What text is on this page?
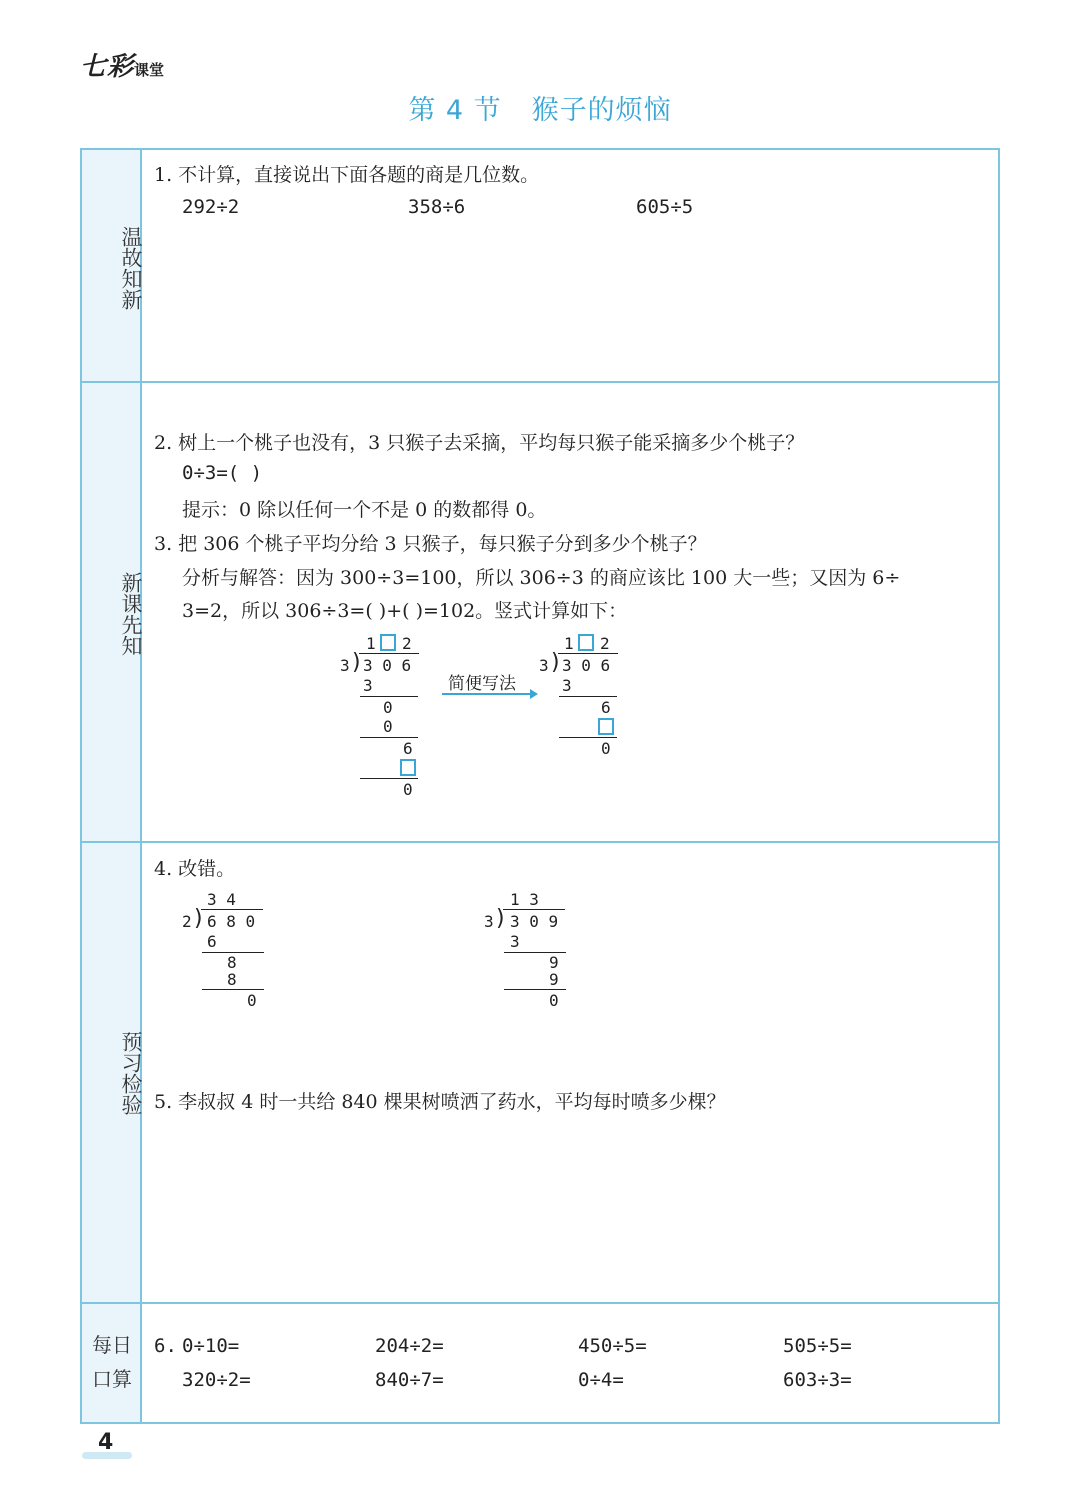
七彩课堂
第 4 节 猴子的烦恼
温故知新
新课先知
预习检验
每日
口算
1. 不计算，直接说出下面各题的商是几位数。
292÷2	358÷6	605÷5
2. 树上一个桃子也没有，3 只猴子去采摘，平均每只猴子能采摘多少个桃子？
0÷3=( )
提示：0 除以任何一个不是 0 的数都得 0。
3. 把 306 个桃子平均分给 3 只猴子，每只猴子分到多少个桃子？
分析与解答：因为 300÷3=100，所以 306÷3 的商应该比 100 大一些；又因为 6÷
3=2，所以 306÷3=( )+( )=102。竖式计算如下：
1 2
3 ) 3 0 6
3
0
0
6
0
简便写法
1 2
3 ) 3 0 6
3
6
0
4. 改错。
3 4
2 ) 6 8 0
6
8
8
0
1 3
3 ) 3 0 9
3
9
9
0
5. 李叔叔 4 时一共给 840 棵果树喷洒了药水，平均每时喷多少棵？
6. 0÷10=	204÷2=	450÷5=	505÷5=
320÷2=	840÷7=	0÷4=	603÷3=
4
